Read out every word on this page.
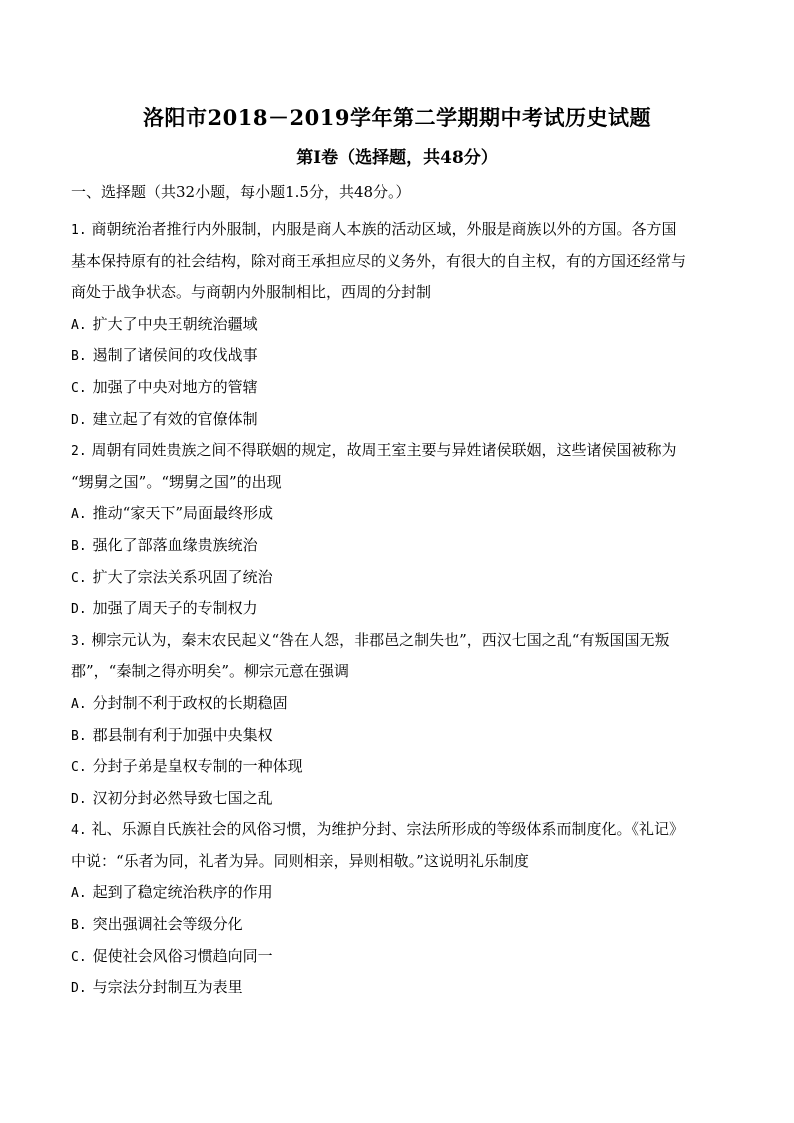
洛阳市2018－2019学年第二学期期中考试历史试题
第Ⅰ卷（选择题，共48分）
一、选择题（共32小题，每小题1.5分，共48分。）
1. 商朝统治者推行内外服制，内服是商人本族的活动区域，外服是商族以外的方国。各方国
基本保持原有的社会结构，除对商王承担应尽的义务外，有很大的自主权，有的方国还经常与
商处于战争状态。与商朝内外服制相比，西周的分封制
A. 扩大了中央王朝统治疆域
B. 遏制了诸侯间的攻伐战事
C. 加强了中央对地方的管辖
D. 建立起了有效的官僚体制
2. 周朝有同姓贵族之间不得联姻的规定，故周王室主要与异姓诸侯联姻，这些诸侯国被称为
“甥舅之国”。“甥舅之国”的出现
A. 推动“家天下”局面最终形成
B. 强化了部落血缘贵族统治
C. 扩大了宗法关系巩固了统治
D. 加强了周天子的专制权力
3. 柳宗元认为，秦末农民起义“咎在人怨，非郡邑之制失也”，西汉七国之乱“有叛国国无叛
郡”，“秦制之得亦明矣”。柳宗元意在强调
A. 分封制不利于政权的长期稳固
B. 郡县制有利于加强中央集权
C. 分封子弟是皇权专制的一种体现
D. 汉初分封必然导致七国之乱
4. 礼、乐源自氏族社会的风俗习惯，为维护分封、宗法所形成的等级体系而制度化。《礼记》
中说：“乐者为同，礼者为异。同则相亲，异则相敬。”这说明礼乐制度
A. 起到了稳定统治秩序的作用
B. 突出强调社会等级分化
C. 促使社会风俗习惯趋向同一
D. 与宗法分封制互为表里
